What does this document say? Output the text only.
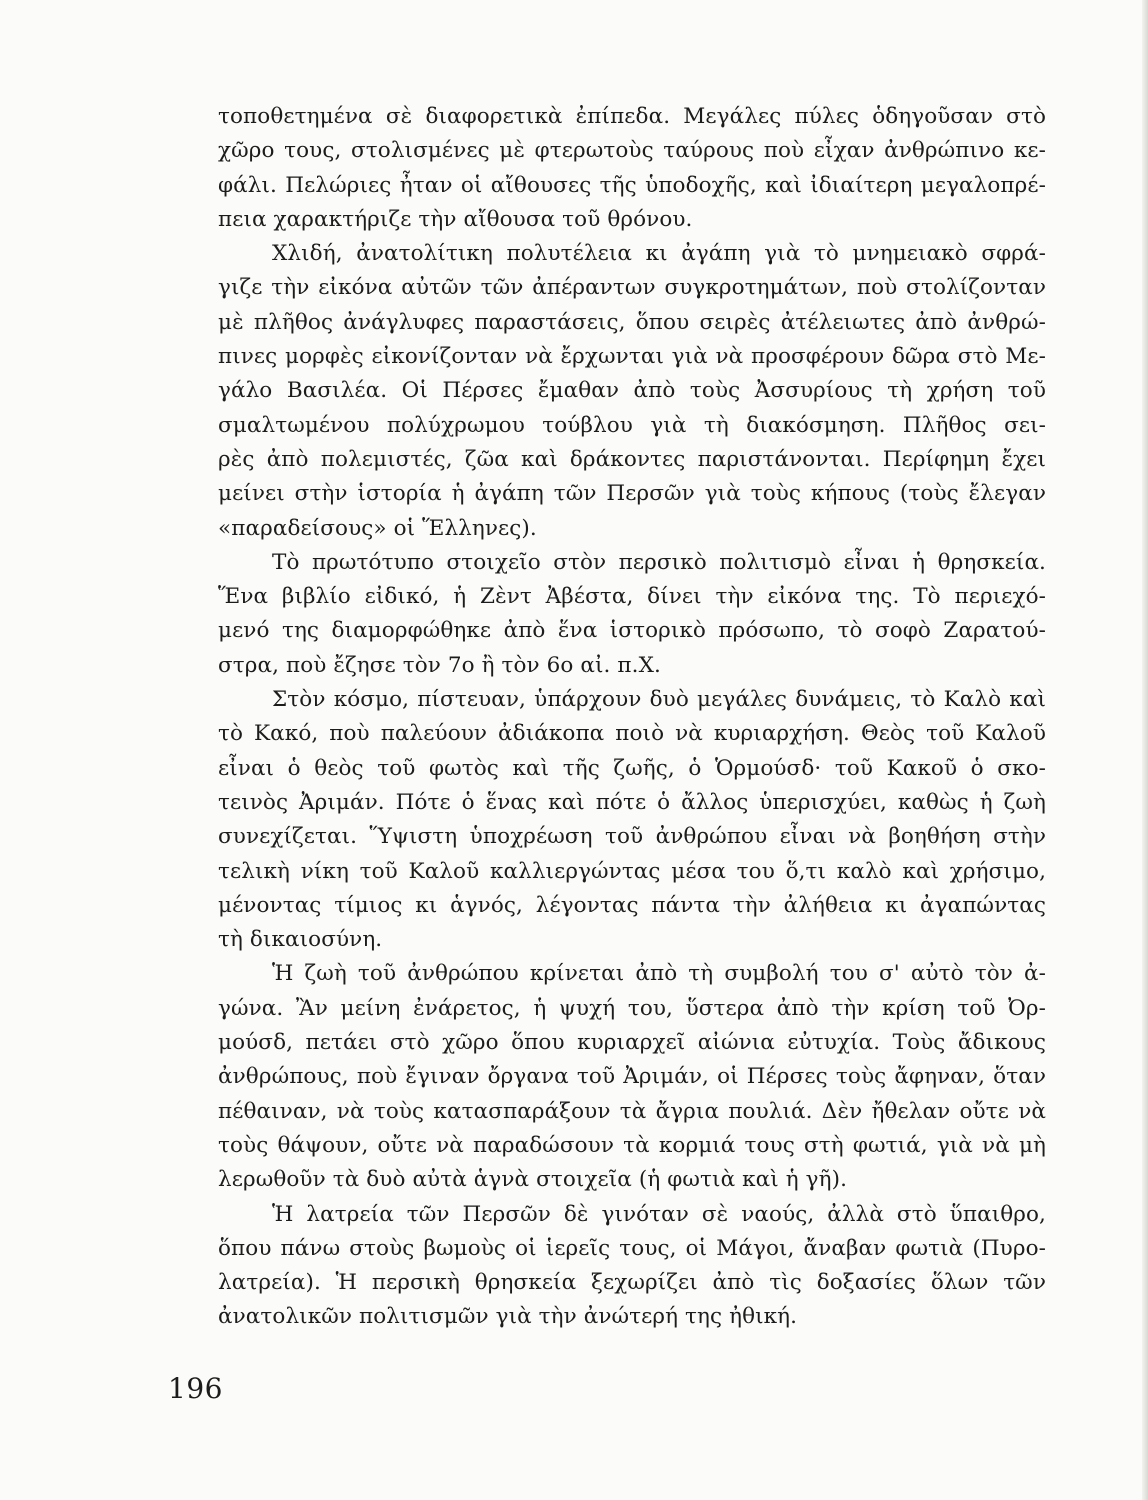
τοποθετημένα σὲ διαφορετικὰ ἐπίπεδα. Μεγάλες πύλες ὁδηγοῦσαν στὸ
χῶρο τους, στολισμένες μὲ φτερωτοὺς ταύρους ποὺ εἶχαν ἀνθρώπινο κε-
φάλι. Πελώριες ἦταν οἱ αἴθουσες τῆς ὑποδοχῆς, καὶ ἰδιαίτερη μεγαλοπρέ-
πεια χαρακτήριζε τὴν αἴθουσα τοῦ θρόνου.
Χλιδή, ἀνατολίτικη πολυτέλεια κι ἀγάπη γιὰ τὸ μνημειακὸ σφρά-
γιζε τὴν εἰκόνα αὐτῶν τῶν ἀπέραντων συγκροτημάτων, ποὺ στολίζονταν
μὲ πλῆθος ἀνάγλυφες παραστάσεις, ὅπου σειρὲς ἀτέλειωτες ἀπὸ ἀνθρώ-
πινες μορφὲς εἰκονίζονταν νὰ ἔρχωνται γιὰ νὰ προσφέρουν δῶρα στὸ Με-
γάλο Βασιλέα. Οἱ Πέρσες ἔμαθαν ἀπὸ τοὺς Ἀσσυρίους τὴ χρήση τοῦ
σμαλτωμένου πολύχρωμου τούβλου γιὰ τὴ διακόσμηση. Πλῆθος σει-
ρὲς ἀπὸ πολεμιστές, ζῶα καὶ δράκοντες παριστάνονται. Περίφημη ἔχει
μείνει στὴν ἱστορία ἡ ἀγάπη τῶν Περσῶν γιὰ τοὺς κήπους (τοὺς ἔλεγαν
«παραδείσους» οἱ Ἕλληνες).
Τὸ πρωτότυπο στοιχεῖο στὸν περσικὸ πολιτισμὸ εἶναι ἡ θρησκεία.
Ἕνα βιβλίο εἰδικό, ἡ Ζὲντ Ἀβέστα, δίνει τὴν εἰκόνα της. Τὸ περιεχό-
μενό της διαμορφώθηκε ἀπὸ ἕνα ἱστορικὸ πρόσωπο, τὸ σοφὸ Ζαρατού-
στρα, ποὺ ἔζησε τὸν 7ο ἢ τὸν 6ο αἰ. π.Χ.
Στὸν κόσμο, πίστευαν, ὑπάρχουν δυὸ μεγάλες δυνάμεις, τὸ Καλὸ καὶ
τὸ Κακό, ποὺ παλεύουν ἀδιάκοπα ποιὸ νὰ κυριαρχήση. Θεὸς τοῦ Καλοῦ
εἶναι ὁ θεὸς τοῦ φωτὸς καὶ τῆς ζωῆς, ὁ Ὁρμούσδ· τοῦ Κακοῦ ὁ σκο-
τεινὸς Ἀριμάν. Πότε ὁ ἕνας καὶ πότε ὁ ἄλλος ὑπερισχύει, καθὼς ἡ ζωὴ
συνεχίζεται. Ὕψιστη ὑποχρέωση τοῦ ἀνθρώπου εἶναι νὰ βοηθήση στὴν
τελικὴ νίκη τοῦ Καλοῦ καλλιεργώντας μέσα του ὅ,τι καλὸ καὶ χρήσιμο,
μένοντας τίμιος κι ἁγνός, λέγοντας πάντα τὴν ἀλήθεια κι ἀγαπώντας
τὴ δικαιοσύνη.
Ἡ ζωὴ τοῦ ἀνθρώπου κρίνεται ἀπὸ τὴ συμβολή του σ' αὐτὸ τὸν ἀ-
γώνα. Ἂν μείνη ἐνάρετος, ἡ ψυχή του, ὕστερα ἀπὸ τὴν κρίση τοῦ Ὀρ-
μούσδ, πετάει στὸ χῶρο ὅπου κυριαρχεῖ αἰώνια εὐτυχία. Τοὺς ἄδικους
ἀνθρώπους, ποὺ ἔγιναν ὄργανα τοῦ Ἀριμάν, οἱ Πέρσες τοὺς ἄφηναν, ὅταν
πέθαιναν, νὰ τοὺς κατασπαράξουν τὰ ἄγρια πουλιά. Δὲν ἤθελαν οὔτε νὰ
τοὺς θάψουν, οὔτε νὰ παραδώσουν τὰ κορμιά τους στὴ φωτιά, γιὰ νὰ μὴ
λερωθοῦν τὰ δυὸ αὐτὰ ἁγνὰ στοιχεῖα (ἡ φωτιὰ καὶ ἡ γῆ).
Ἡ λατρεία τῶν Περσῶν δὲ γινόταν σὲ ναούς, ἀλλὰ στὸ ὕπαιθρο,
ὅπου πάνω στοὺς βωμοὺς οἱ ἱερεῖς τους, οἱ Μάγοι, ἄναβαν φωτιὰ (Πυρο-
λατρεία). Ἡ περσικὴ θρησκεία ξεχωρίζει ἀπὸ τὶς δοξασίες ὅλων τῶν
ἀνατολικῶν πολιτισμῶν γιὰ τὴν ἀνώτερή της ἠθική.
196
